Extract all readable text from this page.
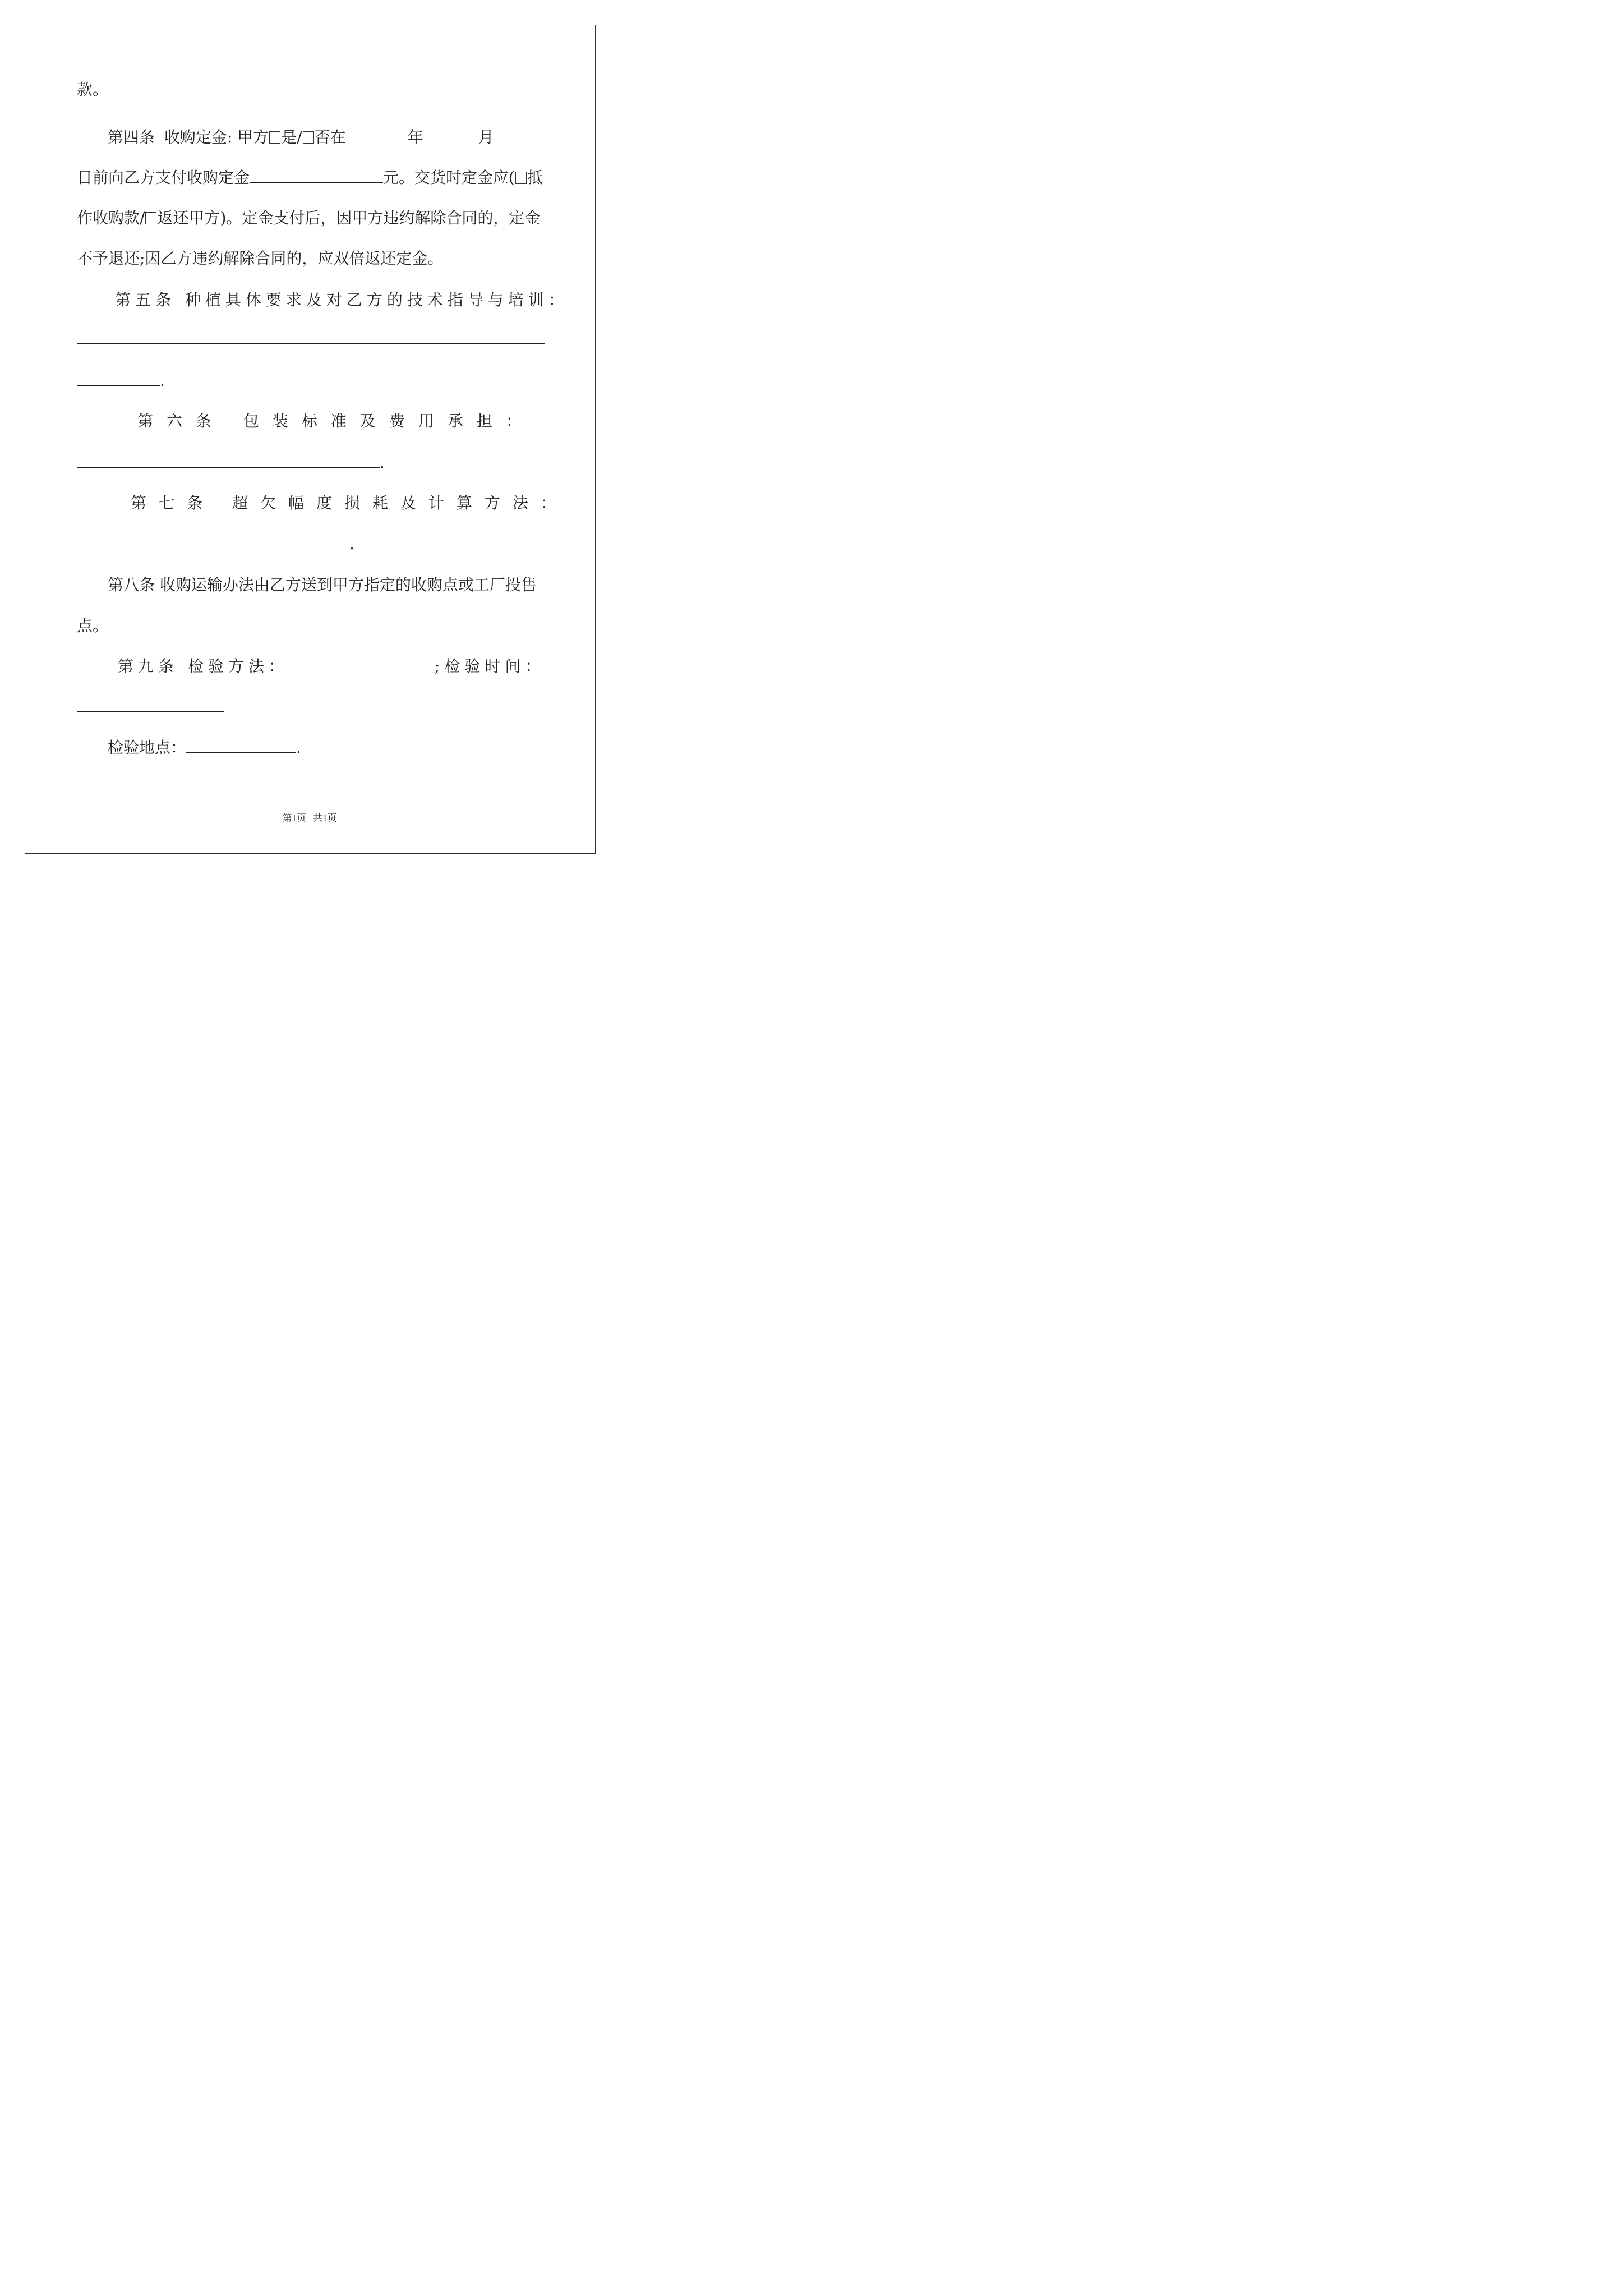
款。
第四条 收购定金: 甲方 是/ 否在	年	月
日前向乙方支付收购定金	元。交货时定金应( 抵
作收购款/ 返还甲方)。定金支付后，因甲方违约解除合同的，定金
不予退还;因乙方违约解除合同的，应双倍返还定金。
第五条 种植具体要求及对乙方的技术指导与培训：
.
第六条 包装标准及费用承担：
.
第七条 超欠幅度损耗及计算方法：
.
第八条 收购运输办法由乙方送到甲方指定的收购点或工厂投售
点。
第九条 检验方法：	;检验时间：
检验地点：	.
第1页 共1页
